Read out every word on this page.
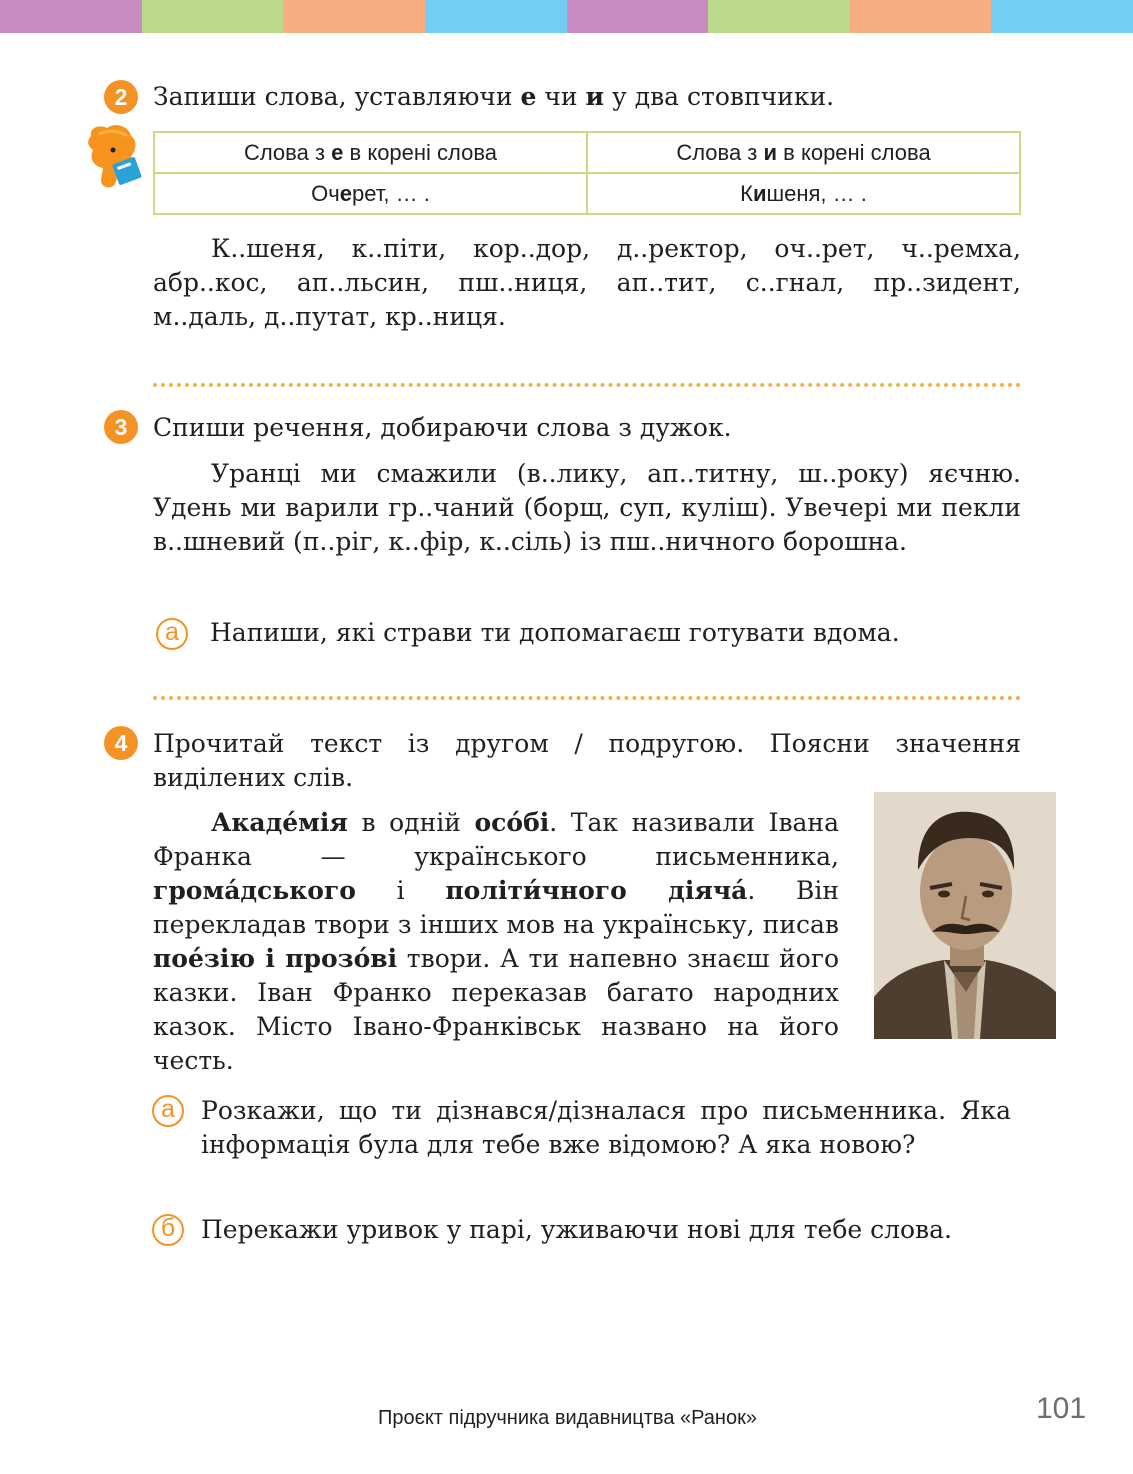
2	Запиши слова, уставляючи е чи и у два стовпчики.
Слова з е в корені слова	Слова з и в корені слова
Очерет, … .	Кишеня, … .
К..шеня, к..піти, кор..дор, д..ректор, оч..рет, ч..ремха, абр..кос, ап..льсин, пш..ниця, ап..тит, с..гнал, пр..зидент, м..даль, д..путат, кр..ниця.
3	Спиши речення, добираючи слова з дужок.
Уранці ми смажили (в..лику, ап..титну, ш..року) яєчню. Удень ми варили гр..чаний (борщ, суп, куліш). Увечері ми пекли в..шневий (п..ріг, к..фір, к..сіль) із пш..ничного борошна.
а	Напиши, які страви ти допомагаєш готувати вдома.
4	Прочитай текст із другом / подругою. Поясни значення виділених слів.
Акаде́мія в одній осо́бі. Так називали Івана Франка — українського письменника, грома́дського і політи́чного діяча́. Він перекладав твори з інших мов на українську, писав пое́зію і прозо́ві твори. А ти напевно знаєш його казки. Іван Франко переказав багато народних казок. Місто Івано-Франківськ названо на його честь.
а	Розкажи, що ти дізнався/дізналася про письменника. Яка інформація була для тебе вже відомою? А яка новою?
б	Перекажи уривок у парі, уживаючи нові для тебе слова.
Проєкт підручника видавництва «Ранок»	101
